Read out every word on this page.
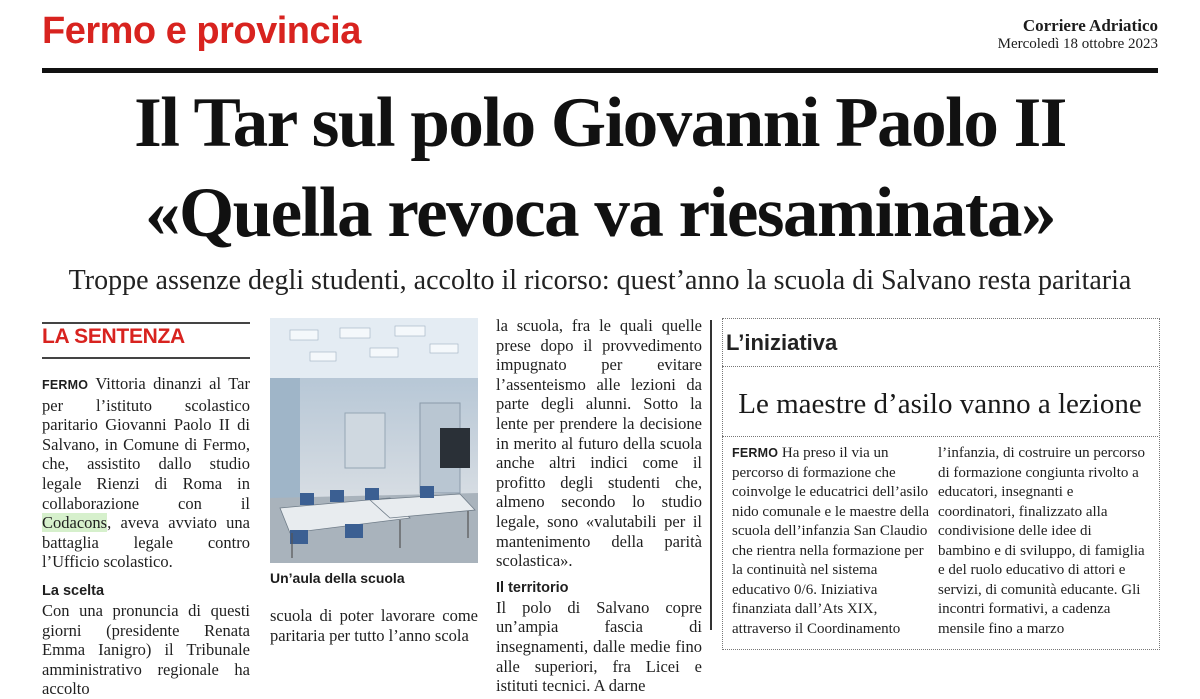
Fermo e provincia	Corriere Adriatico
Mercoledì 18 ottobre 2023
Il Tar sul polo Giovanni Paolo II
«Quella revoca va riesaminata»
Troppe assenze degli studenti, accolto il ricorso: quest’anno la scuola di Salvano resta paritaria
LA SENTENZA

FERMO Vittoria dinanzi al Tar per l’istituto scolastico paritario Giovanni Paolo II di Salvano, in Comune di Fermo, che, assistito dallo studio legale Rienzi di Roma in collaborazione con il Codacons, aveva avviato una battaglia legale contro l’Ufficio scolastico.

La scelta

Con una pronuncia di questi giorni (presidente Renata Emma Ianigro) il Tribunale amministrativo regionale ha accolto

Un’aula della scuola

scuola di poter lavorare come paritaria per tutto l’anno scola

la scuola, fra le quali quelle prese dopo il provvedimento impugnato per evitare l’assenteismo alle lezioni da parte degli alunni. Sotto la lente per prendere la decisione in merito al futuro della scuola anche altri indici come il profitto degli studenti che, almeno secondo lo studio legale, sono «valutabili per il mantenimento della parità scolastica».

Il territorio

Il polo di Salvano copre un’ampia fascia di insegnamenti, dalle medie fino alle superiori, fra Licei e istituti tecnici. A darne

L’iniziativa
Le maestre d’asilo vanno a lezione

FERMO Ha preso il via un percorso di formazione che coinvolge le educatrici dell’asilo nido comunale e le maestre della scuola dell’infanzia San Claudio che rientra nella formazione per la continuità nel sistema educativo 0/6. Iniziativa finanziata dall’Ats XIX, attraverso il Coordinamento

l’infanzia, di costruire un percorso di formazione congiunta rivolto a educatori, insegnanti e coordinatori, finalizzato alla condivisione delle idee di bambino e di sviluppo, di famiglia e del ruolo educativo di attori e servizi, di comunità educante. Gli incontri formativi, a cadenza mensile fino a marzo
